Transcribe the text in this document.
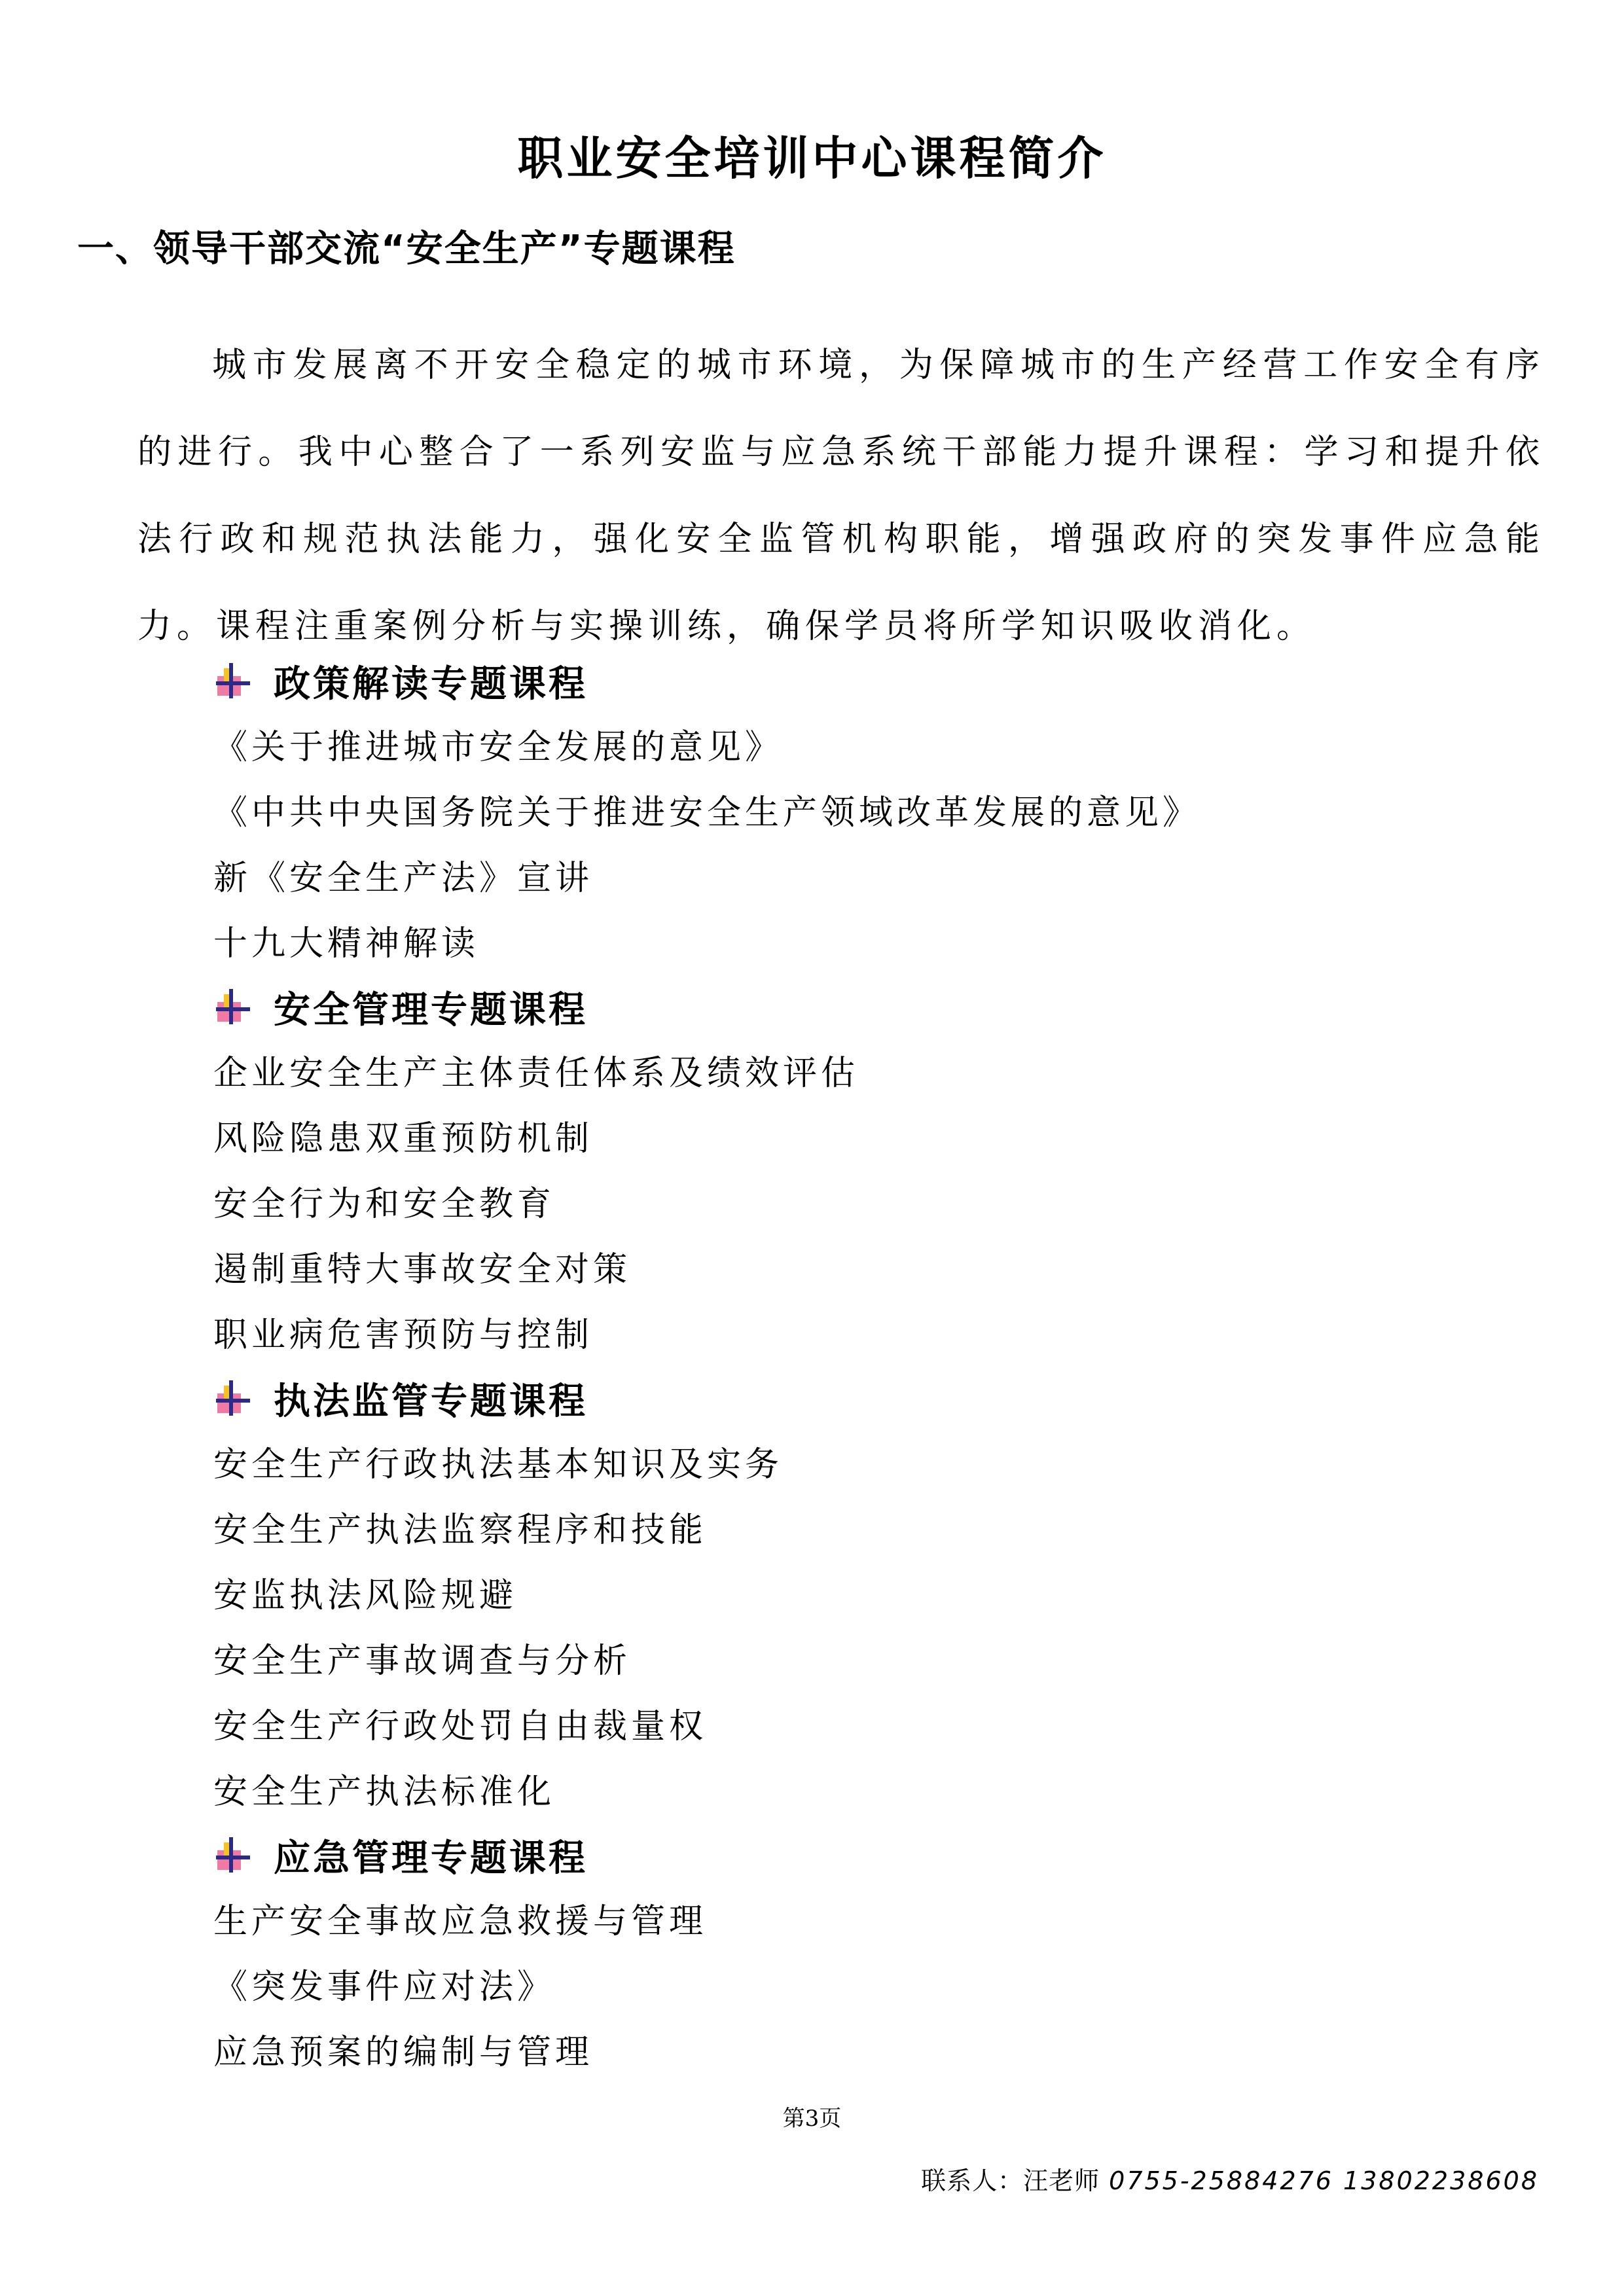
职业安全培训中心课程简介
一、领导干部交流“安全生产”专题课程

城市发展离不开安全稳定的城市环境，为保障城市的生产经营工作安全有序的进行。我中心整合了一系列安监与应急系统干部能力提升课程：学习和提升依法行政和规范执法能力，强化安全监管机构职能，增强政府的突发事件应急能力。课程注重案例分析与实操训练，确保学员将所学知识吸收消化。

政策解读专题课程

《关于推进城市安全发展的意见》

《中共中央国务院关于推进安全生产领域改革发展的意见》

新《安全生产法》宣讲

十九大精神解读

安全管理专题课程

企业安全生产主体责任体系及绩效评估

风险隐患双重预防机制

安全行为和安全教育

遏制重特大事故安全对策

职业病危害预防与控制

执法监管专题课程

安全生产行政执法基本知识及实务

安全生产执法监察程序和技能

安监执法风险规避

安全生产事故调查与分析

安全生产行政处罚自由裁量权

安全生产执法标准化

应急管理专题课程

生产安全事故应急救援与管理

《突发事件应对法》

应急预案的编制与管理

第3页
联系人：汪老师 0755-25884276 13802238608
